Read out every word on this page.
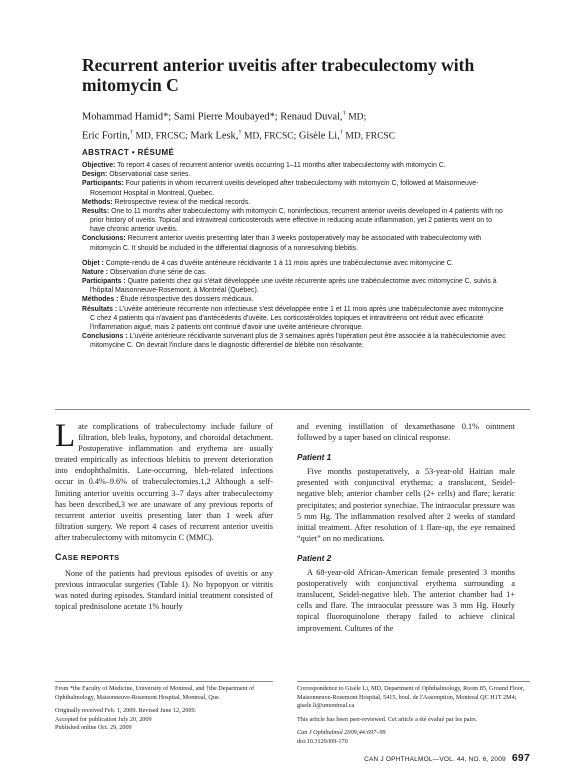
Recurrent anterior uveitis after trabeculectomy with mitomycin C
Mohammad Hamid*; Sami Pierre Moubayed*; Renaud Duval,† MD;
Eric Fortin,† MD, FRCSC; Mark Lesk,† MD, FRCSC; Gisèle Li,† MD, FRCSC
ABSTRACT • RÉSUMÉ
Objective: To report 4 cases of recurrent anterior uveitis occurring 1–11 months after trabeculectomy with mitomycin C.
Design: Observational case series.
Participants: Four patients in whom recurrent uveitis developed after trabeculectomy with mitomycin C, followed at Maisonneuve-Rosemont Hospital in Montreal, Quebec.
Methods: Retrospective review of the medical records.
Results: One to 11 months after trabeculectomy with mitomycin C, noninfectious, recurrent anterior uveitis developed in 4 patients with no prior history of uveitis. Topical and intravitreal corticosteroids were effective in reducing acute inflammation, yet 2 patients went on to have chronic anterior uveitis.
Conclusions: Recurrent anterior uveitis presenting later than 3 weeks postoperatively may be associated with trabeculectomy with mitomycin C. It should be included in the differential diagnosis of a nonresolving blebitis.
Objet : Compte-rendu de 4 cas d'uvéite antérieure récidivante 1 à 11 mois après une trabéculectomie avec mitomycine C.
Nature : Observation d'une série de cas.
Participants : Quatre patients chez qui s'était développée une uvéite récurrente après une trabéculectomie avec mitomycine C, suivis à l'hôpital Maisonneuve-Rosemont, à Montréal (Québec).
Méthodes : Étude rétrospective des dossiers médicaux.
Résultats : L'uvéite antérieure récurrente non infectieuse s'est développée entre 1 et 11 mois après une trabéculectomie avec mitomycine C chez 4 patients qui n'avaient pas d'antécédents d'uvéite. Les corticostéroïdes topiques et intravitréens ont réduit avec efficacité l'inflammation aiguë, mais 2 patients ont continué d'avoir une uvéite antérieure chronique.
Conclusions : L'uvéite antérieure récidivante survenant plus de 3 semaines après l'opération peut être associée à la trabéculectomie avec mitomycine C. On devrait l'inclure dans le diagnostic différentiel de blébite non résolvante.

Late complications of trabeculectomy include failure of filtration, bleb leaks, hypotony, and choroidal detachment. Postoperative inflammation and erythema are usually treated empirically as infectious blebitis to prevent deterioration into endophthalmitis. Late-occurring, bleb-related infections occur in 0.4%–9.6% of trabeculectomies.1,2 Although a self-limiting anterior uveitis occurring 3–7 days after trabeculectomy has been described,3 we are unaware of any previous reports of recurrent anterior uveitis presenting later than 1 week after filtration surgery. We report 4 cases of recurrent anterior uveitis after trabeculectomy with mitomycin C (MMC).

CASE REPORTS

None of the patients had previous episodes of uveitis or any previous intraocular surgeries (Table 1). No hypopyon or vitritis was noted during episodes. Standard initial treatment consisted of topical prednisolone acetate 1% hourly

and evening instillation of dexamethasone 0.1% ointment followed by a taper based on clinical response.

Patient 1

Five months postoperatively, a 53-year-old Haitian male presented with conjunctival erythema; a translucent, Seidel-negative bleb; anterior chamber cells (2+ cells) and flare; keratic precipitates; and posterior synechiae. The intraocular pressure was 5 mm Hg. The inflammation resolved after 2 weeks of standard initial treatment. After resolution of 1 flare-up, the eye remained “quiet” on no medications.

Patient 2

A 68-year-old African-American female presented 3 months postoperatively with conjunctival erythema surrounding a translucent, Seidel-negative bleb. The anterior chamber had 1+ cells and flare. The intraocular pressure was 3 mm Hg. Hourly topical fluoroquinolone therapy failed to achieve clinical improvement. Cultures of the

From *the Faculty of Medicine, University of Montreal, and †the Department of Ophthalmology, Maisonneuve-Rosemont Hospital, Montreal, Que.

Originally received Feb. 1, 2009. Revised June 12, 2009.

Accepted for publication July 20, 2009

Published online Oct. 29, 2009

Correspondence to Gisèle Li, MD, Department of Ophthalmology, Room 85, Ground Floor, Maisonneuve-Rosemont Hospital, 5415, boul. de l'Assomption, Montreal QC H1T 2M4; gisele.li@umontreal.ca

This article has been peer-reviewed. Cet article a été évalué par les pairs.

Can J Ophthalmol 2009;44:697–99

doi:10.3129/i09-170

CAN J OPHTHALMOL—VOL. 44, NO. 6, 2009 697
